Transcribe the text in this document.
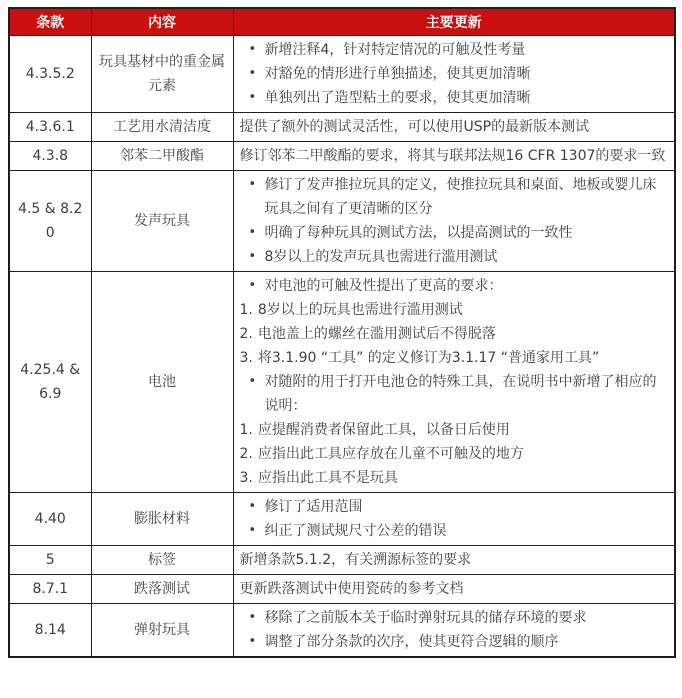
条款	内容	主要更新
4.3.5.2	玩具基材中的重金属元素	
• 新增注释4，针对特定情况的可触及性考量
• 对豁免的情形进行单独描述，使其更加清晰
• 单独列出了造型粘土的要求，使其更加清晰

4.3.6.1	工艺用水清洁度	提供了额外的测试灵活性，可以使用USP的最新版本测试

4.3.8	邻苯二甲酸酯	修订邻苯二甲酸酯的要求，将其与联邦法规16 CFR 1307的要求一致

4.5 & 8.20	发声玩具	
• 修订了发声推拉玩具的定义，使推拉玩具和桌面、地板或婴儿床玩具之间有了更清晰的区分
• 明确了每种玩具的测试方法，以提高测试的一致性
• 8岁以上的发声玩具也需进行滥用测试

4.25.4 & 6.9	电池	
• 对电池的可触及性提出了更高的要求：
1. 8岁以上的玩具也需进行滥用测试
2. 电池盖上的螺丝在滥用测试后不得脱落
3. 将3.1.90 “工具” 的定义修订为3.1.17 “普通家用工具”
• 对随附的用于打开电池仓的特殊工具，在说明书中新增了相应的说明：
1. 应提醒消费者保留此工具，以备日后使用
2. 应指出此工具应存放在儿童不可触及的地方
3. 应指出此工具不是玩具

4.40	膨胀材料	• 修订了适用范围
• 纠正了测试规尺寸公差的错误

5	标签	新增条款5.1.2，有关溯源标签的要求

8.7.1	跌落测试	更新跌落测试中使用瓷砖的参考文档

8.14	弹射玩具	• 移除了之前版本关于临时弹射玩具的储存环境的要求
• 调整了部分条款的次序，使其更符合逻辑的顺序
